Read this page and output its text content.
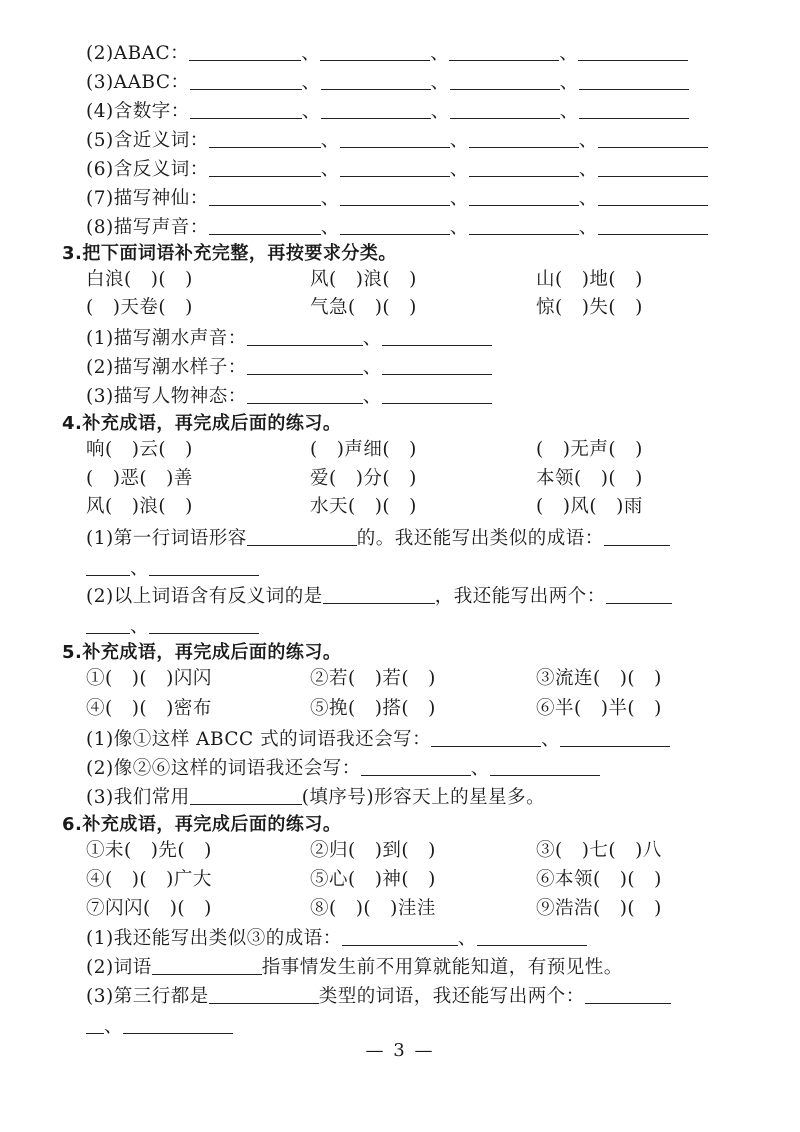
(2)ABAC：	、	、	、
(3)AABC：	、	、	、
(4)含数字：	、	、	、
(5)含近义词：	、	、	、
(6)含反义词：	、	、	、
(7)描写神仙：	、	、	、
(8)描写声音：	、	、	、
3.把下面词语补充完整，再按要求分类。
白浪(　)(　)	风(　)浪(　)	山(　)地(　)
(　)天卷(　)	气急(　)(　)	惊(　)失(　)
(1)描写潮水声音：	、
(2)描写潮水样子：	、
(3)描写人物神态：	、
4.补充成语，再完成后面的练习。
响(　)云(　)	(　)声细(　)	(　)无声(　)
(　)恶(　)善	爱(　)分(　)	本领(　)(　)
风(　)浪(　)	水天(　)(　)	(　)风(　)雨
(1)第一行词语形容	的。我还能写出类似的成语：
、
(2)以上词语含有反义词的是	，我还能写出两个：
、
5.补充成语，再完成后面的练习。
①(　)(　)闪闪	②若(　)若(　)	③流连(　)(　)
④(　)(　)密布	⑤挽(　)搭(　)	⑥半(　)半(　)
(1)像①这样 ABCC 式的词语我还会写：	、
(2)像②⑥这样的词语我还会写：	、
(3)我们常用	(填序号)形容天上的星星多。
6.补充成语，再完成后面的练习。
①未(　)先(　)	②归(　)到(　)	③(　)七(　)八
④(　)(　)广大	⑤心(　)神(　)	⑥本领(　)(　)
⑦闪闪(　)(　)	⑧(　)(　)洼洼	⑨浩浩(　)(　)
(1)我还能写出类似③的成语：	、
(2)词语	指事情发生前不用算就能知道，有预见性。
(3)第三行都是	类型的词语，我还能写出两个：
、
— 3 —
